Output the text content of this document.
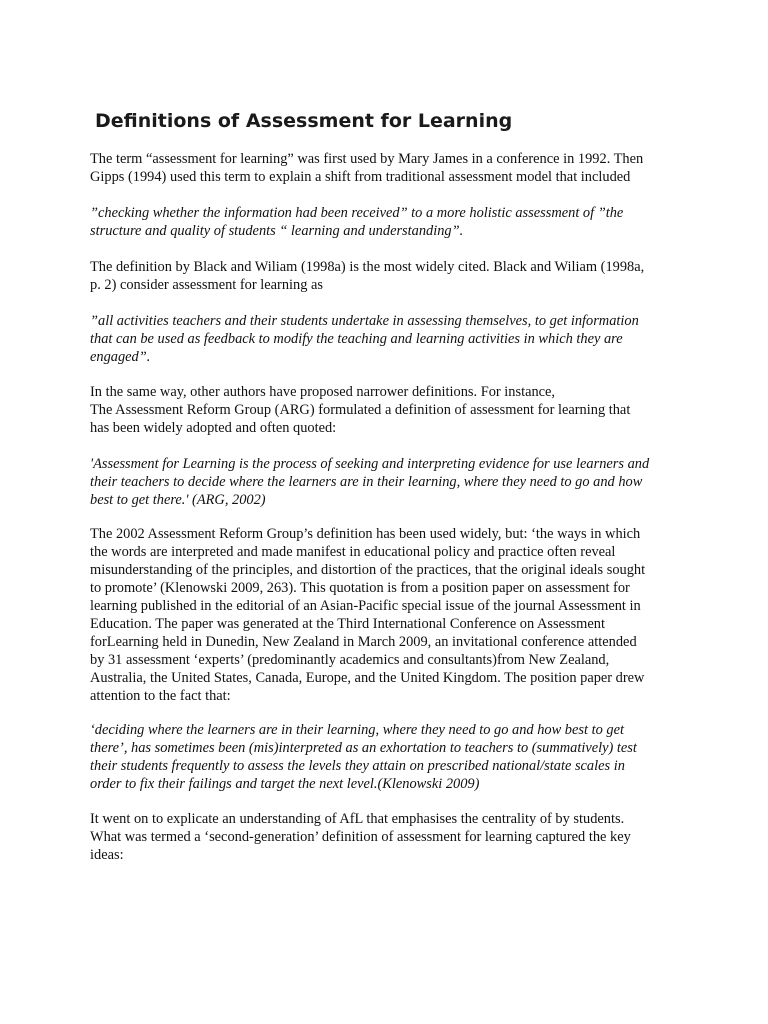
Definitions of Assessment for Learning
The term “assessment for learning” was first used by Mary James in a conference in 1992. Then
Gipps (1994) used this term to explain a shift from traditional assessment model that included
”checking whether the information had been received” to a more holistic assessment of ”the
structure and quality of students “ learning and understanding”.
The definition by Black and Wiliam (1998a) is the most widely cited. Black and Wiliam (1998a,
p. 2) consider assessment for learning as
”all activities teachers and their students undertake in assessing themselves, to get information
that can be used as feedback to modify the teaching and learning activities in which they are
engaged”.
In the same way, other authors have proposed narrower definitions. For instance,
The Assessment Reform Group (ARG) formulated a definition of assessment for learning that
has been widely adopted and often quoted:
'Assessment for Learning is the process of seeking and interpreting evidence for use learners and
their teachers to decide where the learners are in their learning, where they need to go and how
best to get there.' (ARG, 2002)
The 2002 Assessment Reform Group’s definition has been used widely, but: ‘the ways in which
the words are interpreted and made manifest in educational policy and practice often reveal
misunderstanding of the principles, and distortion of the practices, that the original ideals sought
to promote’ (Klenowski 2009, 263). This quotation is from a position paper on assessment for
learning published in the editorial of an Asian-Pacific special issue of the journal Assessment in
Education. The paper was generated at the Third International Conference on Assessment
forLearning held in Dunedin, New Zealand in March 2009, an invitational conference attended
by 31 assessment ‘experts’ (predominantly academics and consultants)from New Zealand,
Australia, the United States, Canada, Europe, and the United Kingdom. The position paper drew
attention to the fact that:
‘deciding where the learners are in their learning, where they need to go and how best to get
there’, has sometimes been (mis)interpreted as an exhortation to teachers to (summatively) test
their students frequently to assess the levels they attain on prescribed national/state scales in
order to fix their failings and target the next level.(Klenowski 2009)
It went on to explicate an understanding of AfL that emphasises the centrality of by students.
What was termed a ‘second-generation’ definition of assessment for learning captured the key
ideas:
